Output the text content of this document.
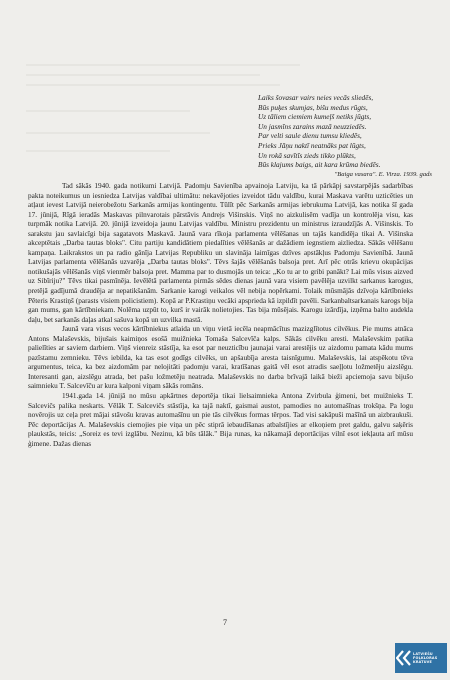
Laiks šovasar vairs neies vecās sliedēs,
Būs puķes skumjas, bišu medus rūgts,
Uz tāliem ciemiem kumeļš netiks jūgts,
Un jasmīns zarains mazā neuzziedēs.
Par velti saule dienu tumsu kliedēs,
Prieks Jāņu naktī neatnāks pat lūgts,
Un rokā savītīs zieds tikko plūkts,
Būs klajums baigs, ait kara krūma biedēs.
"Baiga vasara". E. Virza. 1939. gads

Tad sākās 1940. gada notikumi Latvijā. Padomju Savienība apvainoja Latviju, ka tā pārkāpj savstarpējās sadarbības pakta noteikumus un iesniedza Latvijas valdībai ultimātu: nekavējoties izveidot tādu valdību, kurai Maskava varētu uzticēties un atļaut ievest Latvijā neierobežotu Sarkanās armijas kontingentu. Tūlīt pēc Sarkanās armijas iebrukuma Latvijā, kas notika šī gada 17. jūnijā, Rīgā ieradās Maskavas pilnvarotais pārstāvis Andrejs Višinskis. Viņš no aizkulisēm vadīja un kontrolēja visu, kas turpmāk notika Latvijā. 20. jūnijā izveidoja jaunu Latvijas valdību. Ministru prezidentu un ministrus izraudzījās A. Višinskis. To sarakstu jau savlaicīgi bija sagatavots Maskavā. Jaunā vara rīkoja parlamenta vēlēšanas un tajās kandidēja tikai A. Višinska akceptētais „Darba tautas bloks". Citu partiju kandidātiem piedalīties vēlēšanās ar dažādiem iegnstiem aizliedza. Sākās vēlēšanu kampaņa. Laikrakstos un pa radio gānīja Latvijas Republiku un slavināja laimīgas dzīves apstākļus Padomju Savienībā. Jaunā Latvijas parlamenta vēlēšanās uzvarēja „Darba tautas bloks". Tēvs šajās vēlēšanās balsoja pret. Arī pēc otrās krievu okupācijas notikušajās vēlēšanās viņš vienmēr balsoja pret. Mamma par to dusmojās un teica: „Ko tu ar to gribi panākt? Lai mūs visus aizved uz Sibīriju?" Tēvs tikai pasmīnēja. Ievēlētā parlamenta pirmās sēdes dienas jaunā vara visiem pavēlēja uzvilkt sarkanus karogus, pretējā gadījumā draudēja ar nepatikšanām. Sarkanie karogi veikalos vēl nebija nopērkami. Tolaik mūsmājās dzīvoja kārtībnieks Pēteris Krastiņš (parasts visiem policistiem). Kopā ar P.Krastiņu vecāki apsprieda kā izpildīt pavēli. Sarkanbaltsarkanais karogs bija gan mums, gan kārtībniekam. Nolēma uzpūt to, kurš ir vairāk nolietojies. Tas bija mūsējais. Karogu izārdīja, izņēma balto audekla daļu, bet sarkanās daļas atkal sašuva kopā un uzvilka mastā.

Jaunā vara visus vecos kārtībniekus atlaida un viņu vietā iecēla neapmācītus mazizglītotus cilvēkus. Pie mums atnāca Antons Malaševskis, bijušais kaimiņos esošā muižnieka Tomaša Salcevīča kalps. Sākās cilvēku aresti. Malaševskim patika palielīties ar saviem darbiem. Viņš vienreiz stāstīja, ka esot par neuzticību jaunajai varai arestējis uz aizdomu pamata kādu mums pazīstamu zemnieku. Tēvs iebilda, ka tas esot godīgs cilvēks, un apšaubīja aresta taisnīgumu. Malaševskis, lai atspēkotu tēva argumentus, teica, ka bez aizdomām par nelojitāti padomju varai, kratīšanas gaitā vēl esot atradis saeļļotu ložmetēju aizslēgu. Interesanti gan, aizslēgu atrada, bet pašu ložmetēju neatrada. Malaševskis no darba brīvajā laikā bieži apciemoja savu bijušo saimnieku T. Salcevīču ar kura kalponi viņam sākās romāns.

1941.gada 14. jūnijā no mūsu apkārtnes deportēja tikai lielsaimnieka Antona Zvirbula ģimeni, bet muižnieks T. Salcevičs palika neskarts. Vēlāk T. Salcevičs stāstīja, ka tajā naktī, gaismai austot, pamodies no automašīnas trokšņa. Pa logu novērojis uz ceļa pret mājai stāvošu kravas automašīnu un pie tās cilvēkus formas tērpos. Tad visi sakāpuši mašīnā un aizbraukuši. Pēc deportācijas A. Malaševskis ciemojies pie viņa un pēc stiprā iebaudīšanas atbalstījies ar elkoņiem pret galdu, galvu saķēris plaukstās, teicis: „Soreiz es tevi izglābu. Nezinu, kā būs tālāk." Bija runas, ka nākamajā deportācijas vilnī esot iekļauta arī mūsu ģimene. Dažas dienas

7
LATVIEŠU
FOLKLORAS
KRĀTUVE
